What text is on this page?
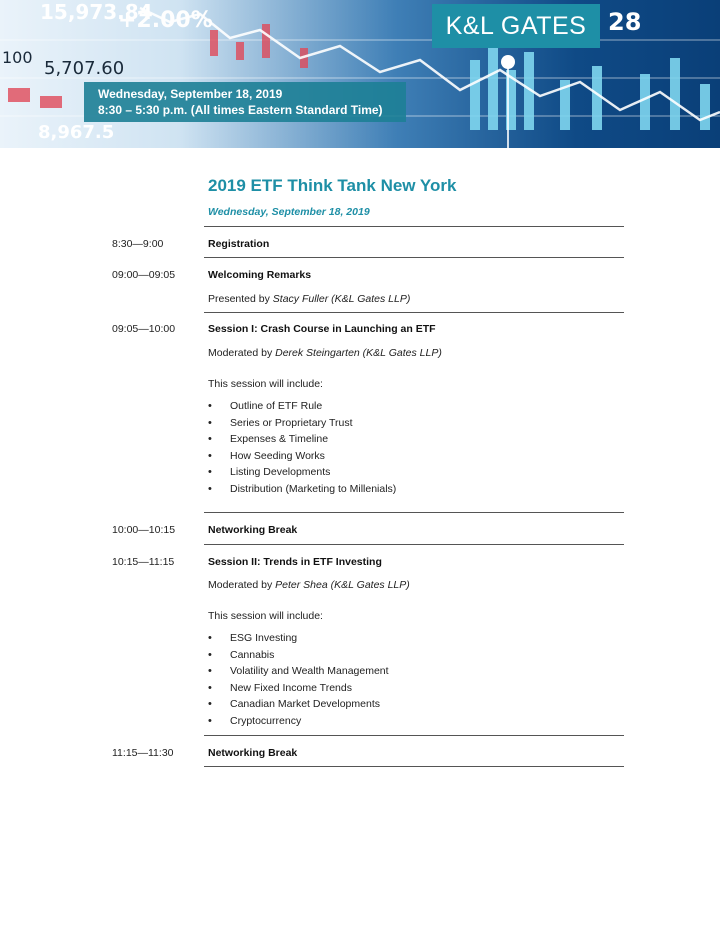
15,973.84
+2.00%
100
5,707.60
8,967.5
28
K&L GATES
Wednesday, September 18, 2019
8:30 – 5:30 p.m. (All times Eastern Standard Time)
2019 ETF Think Tank New York
Wednesday, September 18, 2019
8:30—9:00	Registration
09:00—09:05	Welcoming Remarks
Presented by Stacy Fuller (K&L Gates LLP)
09:05—10:00	Session I: Crash Course in Launching an ETF
Moderated by Derek Steingarten (K&L Gates LLP)
This session will include:
• Outline of ETF Rule
• Series or Proprietary Trust
• Expenses & Timeline
• How Seeding Works
• Listing Developments
• Distribution (Marketing to Millenials)
10:00—10:15	Networking Break
10:15—11:15	Session II: Trends in ETF Investing
Moderated by Peter Shea (K&L Gates LLP)
This session will include:
• ESG Investing
• Cannabis
• Volatility and Wealth Management
• New Fixed Income Trends
• Canadian Market Developments
• Cryptocurrency
11:15—11:30	Networking Break
